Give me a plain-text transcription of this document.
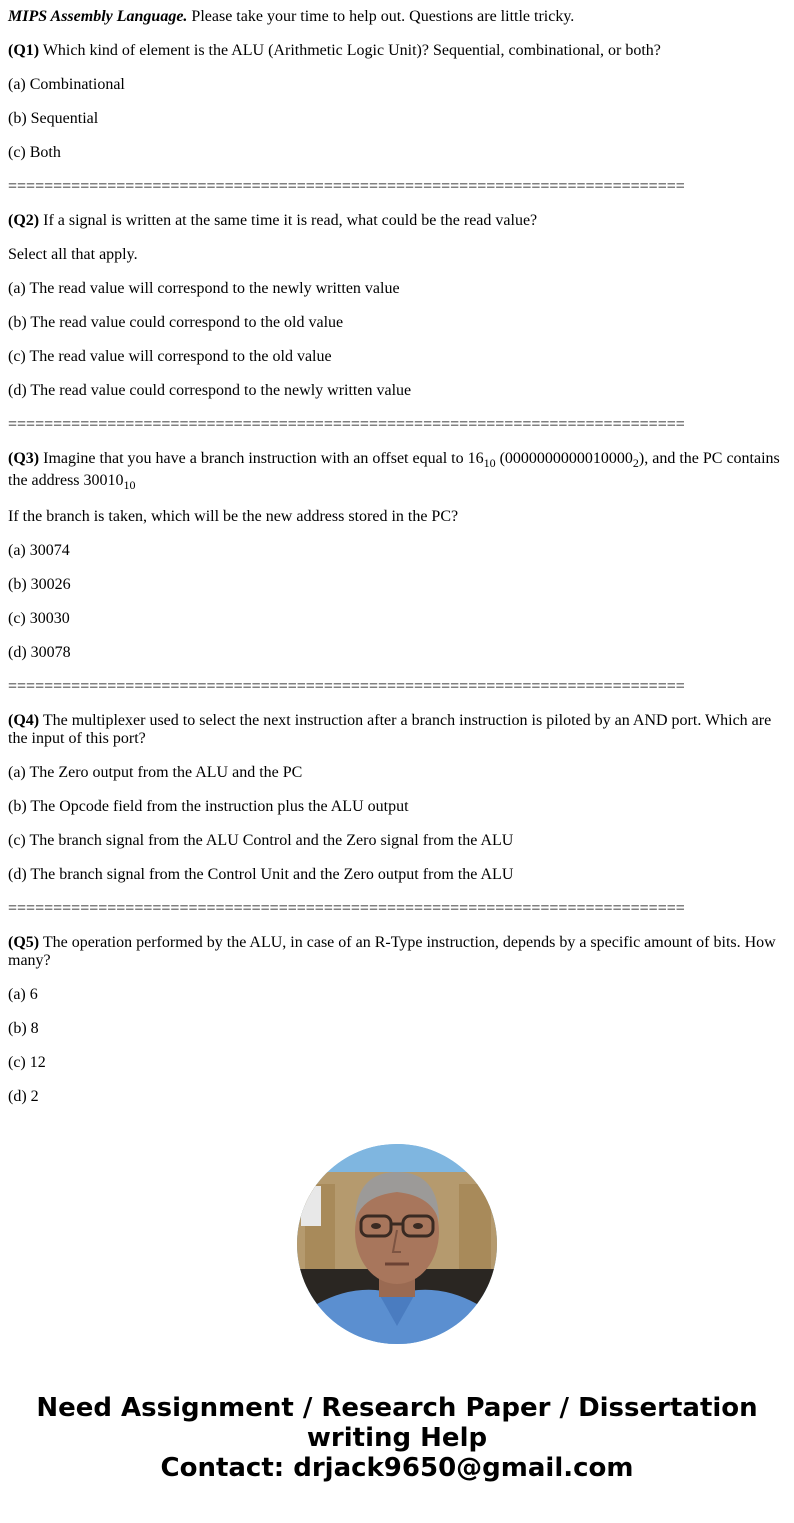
MIPS Assembly Language. Please take your time to help out. Questions are little tricky.

(Q1) Which kind of element is the ALU (Arithmetic Logic Unit)? Sequential, combinational, or both?

(a) Combinational

(b) Sequential

(c) Both

===========================================================================

(Q2) If a signal is written at the same time it is read, what could be the read value?

Select all that apply.

(a) The read value will correspond to the newly written value

(b) The read value could correspond to the old value

(c) The read value will correspond to the old value

(d) The read value could correspond to the newly written value

===========================================================================

(Q3) Imagine that you have a branch instruction with an offset equal to $16_{10}$ $(0000000000010000_2)$, and the PC contains the address $30010_{10}$

If the branch is taken, which will be the new address stored in the PC?

(a) 30074

(b) 30026

(c) 30030

(d) 30078

===========================================================================

(Q4) The multiplexer used to select the next instruction after a branch instruction is piloted by an AND port. Which are the input of this port?

(a) The Zero output from the ALU and the PC

(b) The Opcode field from the instruction plus the ALU output

(c) The branch signal from the ALU Control and the Zero signal from the ALU

(d) The branch signal from the Control Unit and the Zero output from the ALU

===========================================================================

(Q5) The operation performed by the ALU, in case of an R-Type instruction, depends by a specific amount of bits. How many?

(a) 6

(b) 8

(c) 12

(d) 2

Need Assignment / Research Paper / Dissertation writing Help
Contact: drjack9650@gmail.com
